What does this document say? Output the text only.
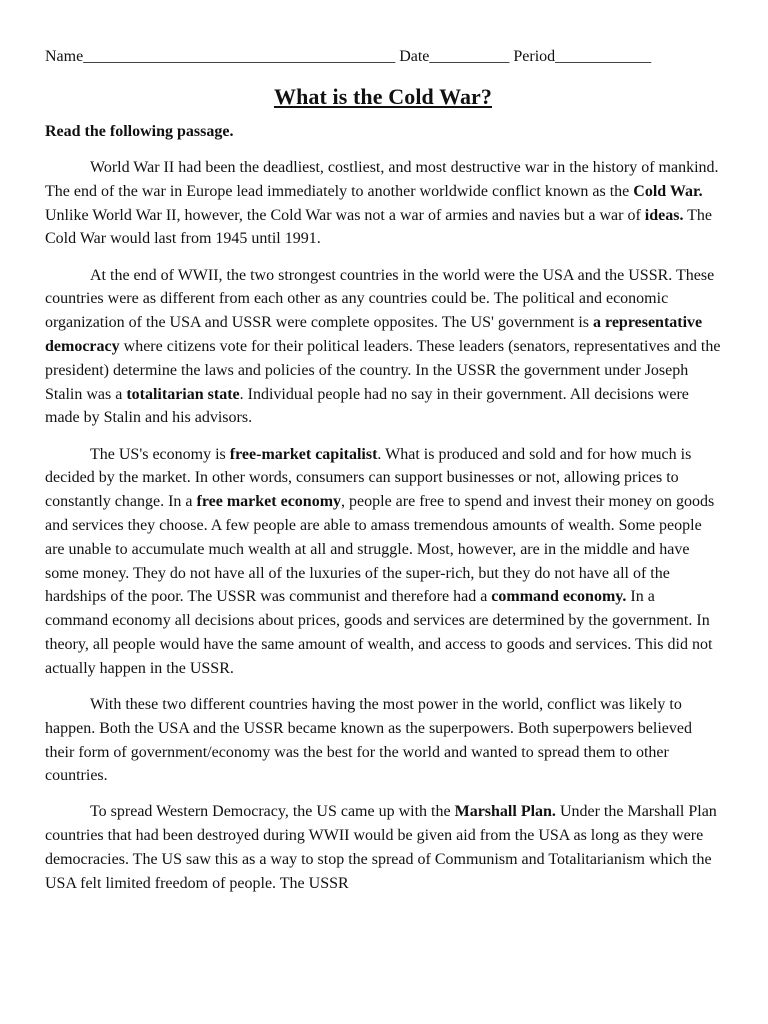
Name_______________________________________ Date__________ Period____________
What is the Cold War?
Read the following passage.

World War II had been the deadliest, costliest, and most destructive war in the history of mankind. The end of the war in Europe lead immediately to another worldwide conflict known as the Cold War. Unlike World War II, however, the Cold War was not a war of armies and navies but a war of ideas. The Cold War would last from 1945 until 1991.

At the end of WWII, the two strongest countries in the world were the USA and the USSR. These countries were as different from each other as any countries could be. The political and economic organization of the USA and USSR were complete opposites. The US' government is a representative democracy where citizens vote for their political leaders. These leaders (senators, representatives and the president) determine the laws and policies of the country. In the USSR the government under Joseph Stalin was a totalitarian state. Individual people had no say in their government. All decisions were made by Stalin and his advisors.

The US's economy is free-market capitalist. What is produced and sold and for how much is decided by the market. In other words, consumers can support businesses or not, allowing prices to constantly change. In a free market economy, people are free to spend and invest their money on goods and services they choose. A few people are able to amass tremendous amounts of wealth. Some people are unable to accumulate much wealth at all and struggle. Most, however, are in the middle and have some money. They do not have all of the luxuries of the super-rich, but they do not have all of the hardships of the poor. The USSR was communist and therefore had a command economy. In a command economy all decisions about prices, goods and services are determined by the government. In theory, all people would have the same amount of wealth, and access to goods and services. This did not actually happen in the USSR.

With these two different countries having the most power in the world, conflict was likely to happen. Both the USA and the USSR became known as the superpowers. Both superpowers believed their form of government/economy was the best for the world and wanted to spread them to other countries.

To spread Western Democracy, the US came up with the Marshall Plan. Under the Marshall Plan countries that had been destroyed during WWII would be given aid from the USA as long as they were democracies. The US saw this as a way to stop the spread of Communism and Totalitarianism which the USA felt limited freedom of people. The USSR
